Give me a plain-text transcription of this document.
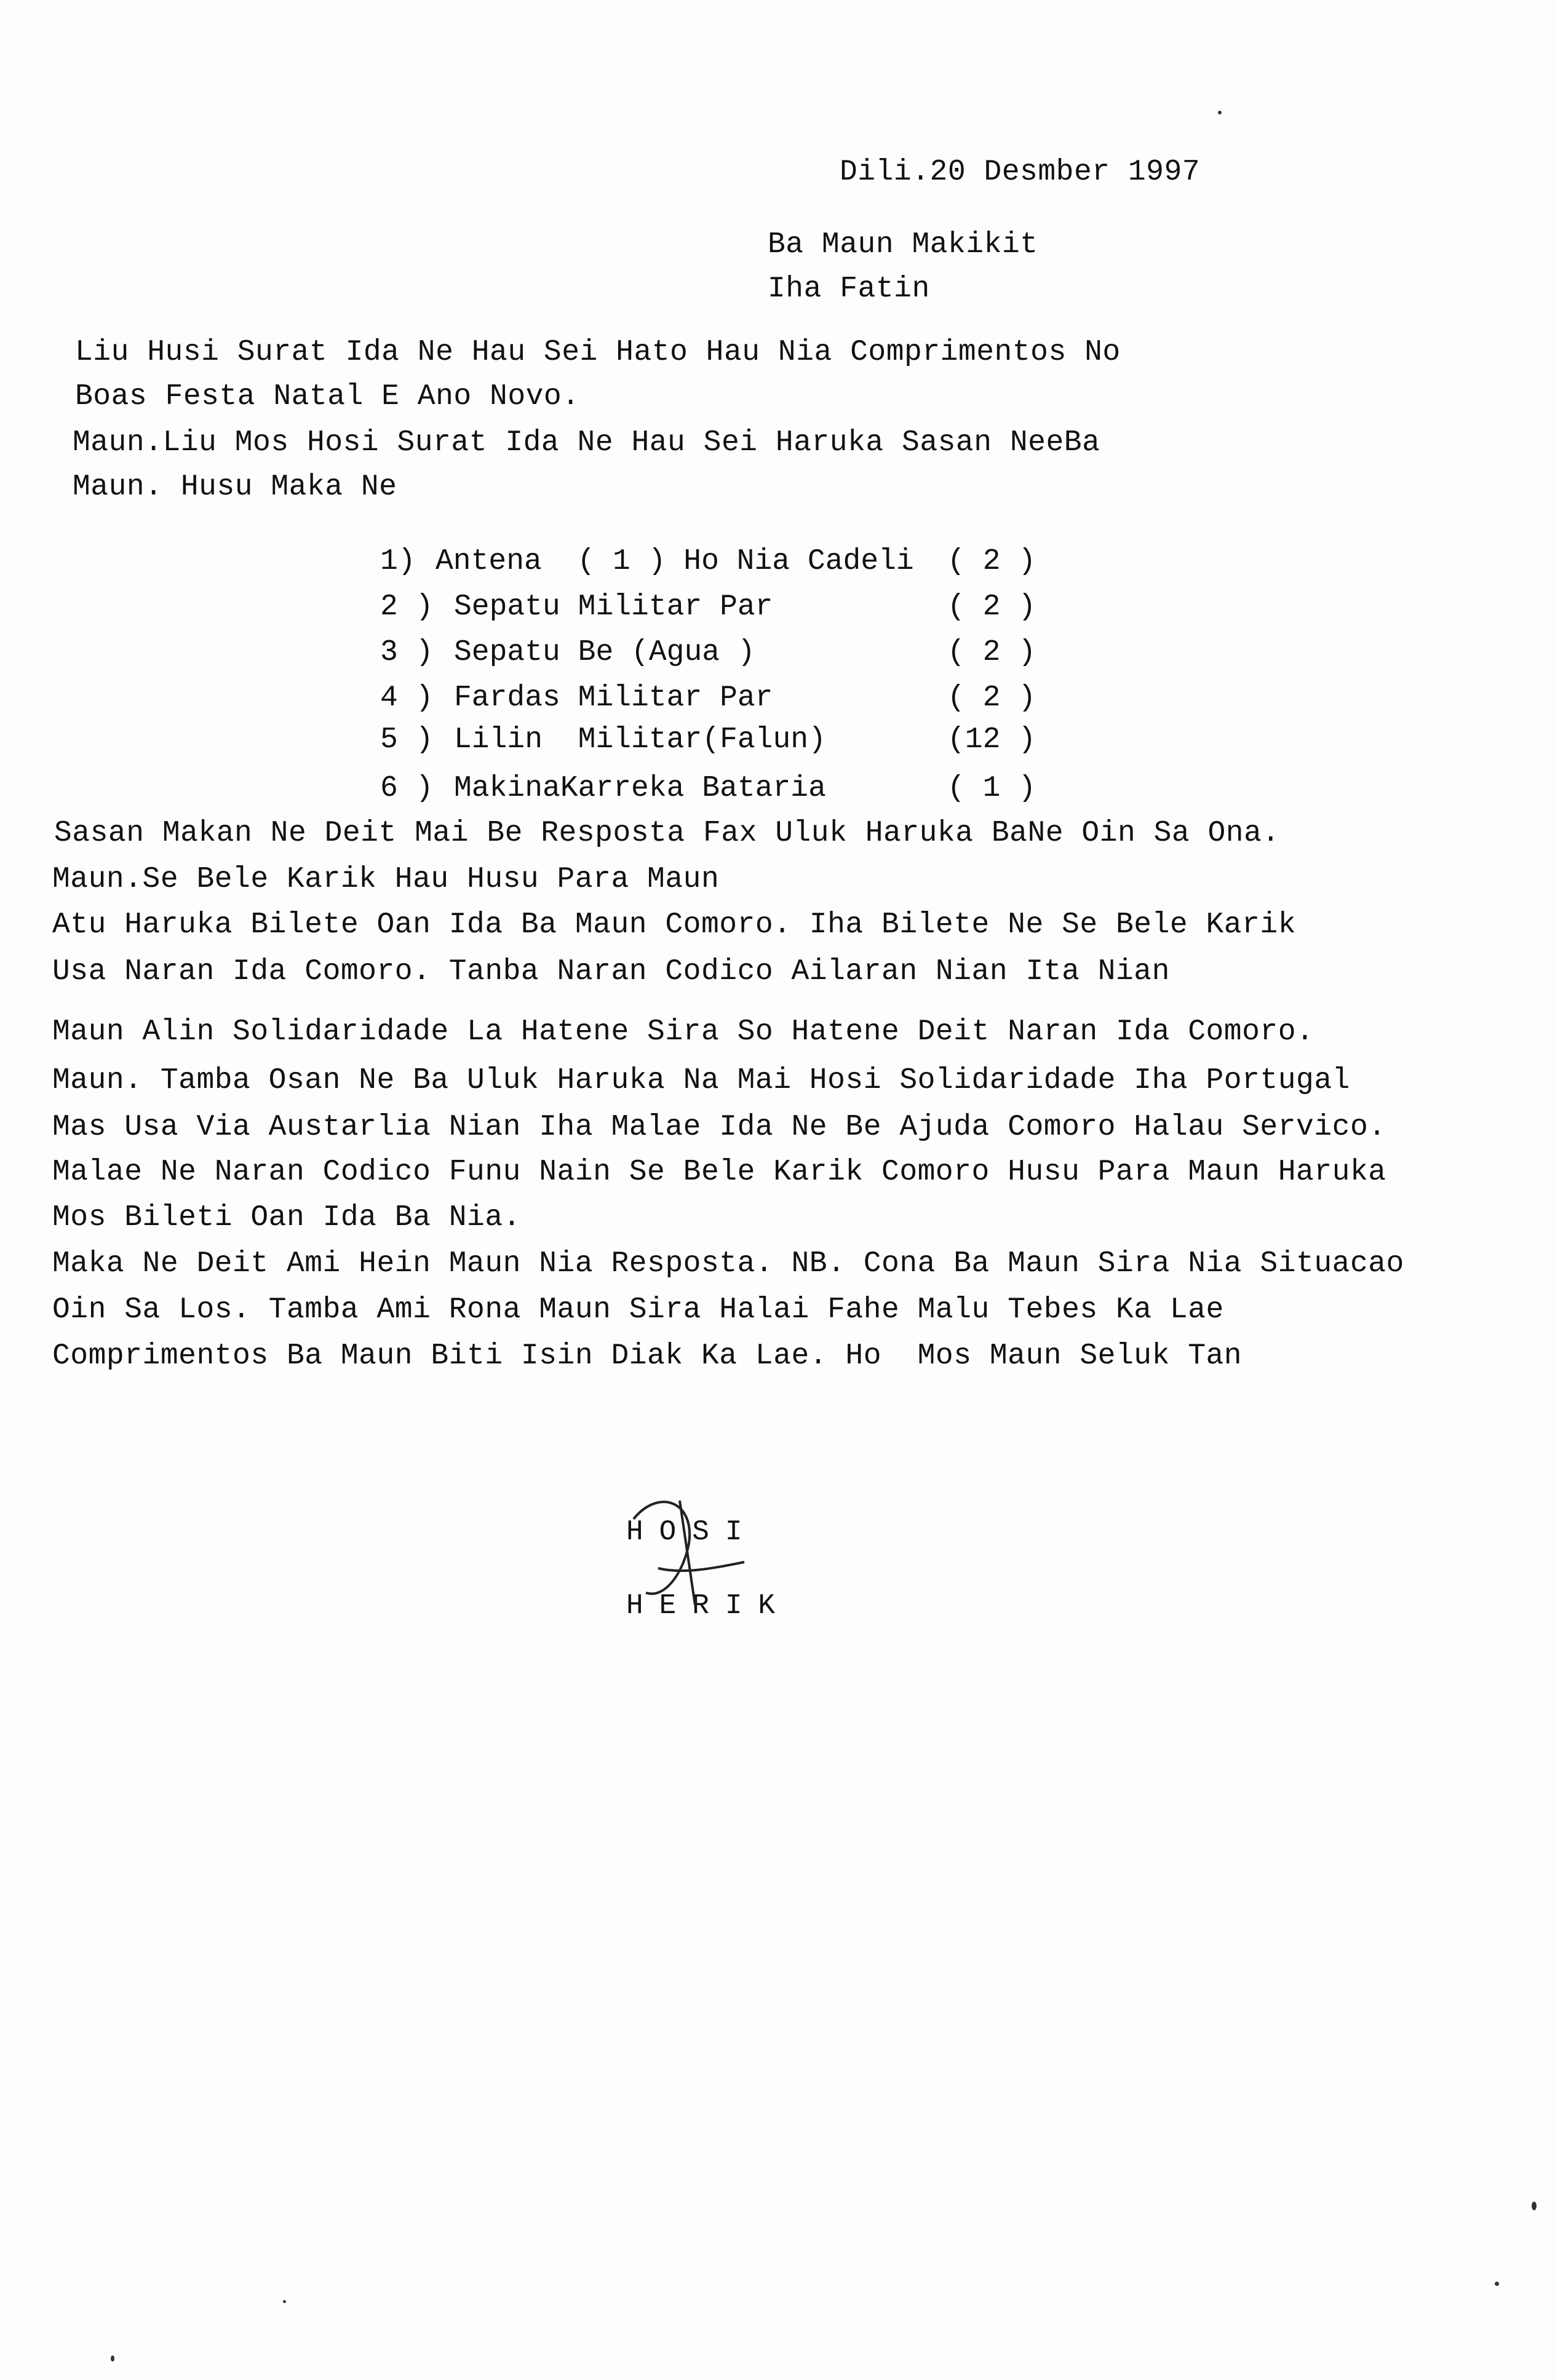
Dili.20 Desmber 1997
Ba Maun Makikit
Iha Fatin
Liu Husi Surat Ida Ne Hau Sei Hato Hau Nia Comprimentos No
Boas Festa Natal E Ano Novo.
Maun.Liu Mos Hosi Surat Ida Ne Hau Sei Haruka Sasan NeeBa
Maun. Husu Maka Ne
1) Antena  ( 1 ) Ho Nia Cadeli ( 2 )
2 ) Sepatu Militar Par	( 2 )
3 ) Sepatu Be (Agua )	( 2 )
4 ) Fardas Militar Par	( 2 )
5 ) Lilin  Militar(Falun)	(12 )
6 ) MakinaKarreka Bataria	( 1 )
Sasan Makan Ne Deit Mai Be Resposta Fax Uluk Haruka BaNe Oin Sa Ona.
Maun.Se Bele Karik Hau Husu Para Maun
Atu Haruka Bilete Oan Ida Ba Maun Comoro. Iha Bilete Ne Se Bele Karik
Usa Naran Ida Comoro. Tanba Naran Codico Ailaran Nian Ita Nian
Maun Alin Solidaridade La Hatene Sira So Hatene Deit Naran Ida Comoro.
Maun. Tamba Osan Ne Ba Uluk Haruka Na Mai Hosi Solidaridade Iha Portugal
Mas Usa Via Austarlia Nian Iha Malae Ida Ne Be Ajuda Comoro Halau Servico.
Malae Ne Naran Codico Funu Nain Se Bele Karik Comoro Husu Para Maun Haruka
Mos Bileti Oan Ida Ba Nia.
Maka Ne Deit Ami Hein Maun Nia Resposta. NB. Cona Ba Maun Sira Nia Situacao
Oin Sa Los. Tamba Ami Rona Maun Sira Halai Fahe Malu Tebes Ka Lae
Comprimentos Ba Maun Biti Isin Diak Ka Lae. Ho  Mos Maun Seluk Tan
HOSI
HERIK
